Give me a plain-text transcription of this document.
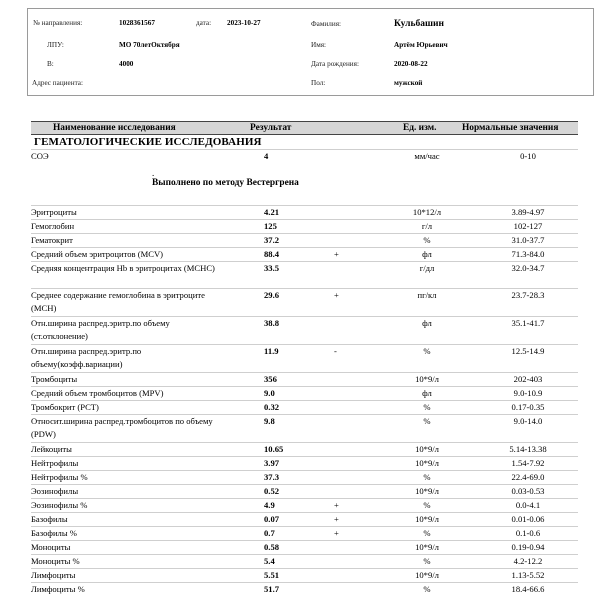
№ направления:	1028361567	дата: 2023-10-27
ЛПУ:	МО 70летОктября
В:	4000
Адрес пациента:
Фамилия:	Кульбашин
Имя:	Артём Юрьевич
Дата рождения:	2020-08-22
Пол:	мужской
Наименование исследования	Результат	Ед. изм.	Нормальные значения
ГЕМАТОЛОГИЧЕСКИЕ ИССЛЕДОВАНИЯ
.
Выполнено по методу Вестергрена
СОЭ	4	мм/час	0-10
Эритроциты	4.21	10*12/л	3.89-4.97
Гемоглобин	125	г/л	102-127
Гематокрит	37.2	%	31.0-37.7
Средний объем эритроцитов (MCV)	88.4	+	фл	71.3-84.0
Средняя концентрация Hb в эритроцитах (MCHC)	33.5	г/дл	32.0-34.7
Среднее содержание гемоглобина в эритроците (MCH)
29.6	+	пг/кл	23.7-28.3
Отн.ширина распред.эритр.по объему (ст.отклонение)
38.8	фл	35.1-41.7
Отн.ширина распред.эритр.по объему(коэфф.вариации)
11.9	-	%	12.5-14.9
Тромбоциты	356	10*9/л	202-403
Средний объем тромбоцитов (MPV)	9.0	фл	9.0-10.9
Тромбокрит (PCT)	0.32	%	0.17-0.35
Относит.ширина распред.тромбоцитов по объему (PDW)
9.8	%	9.0-14.0
Лейкоциты	10.65	10*9/л	5.14-13.38
Нейтрофилы	3.97	10*9/л	1.54-7.92
Нейтрофилы %	37.3	%	22.4-69.0
Эозинофилы	0.52	10*9/л	0.03-0.53
Эозинофилы %	4.9	+	%	0.0-4.1
Базофилы	0.07	+	10*9/л	0.01-0.06
Базофилы %	0.7	+	%	0.1-0.6
Моноциты	0.58	10*9/л	0.19-0.94
Моноциты %	5.4	%	4.2-12.2
Лимфоциты	5.51	10*9/л	1.13-5.52
Лимфоциты %	51.7	%	18.4-66.6
